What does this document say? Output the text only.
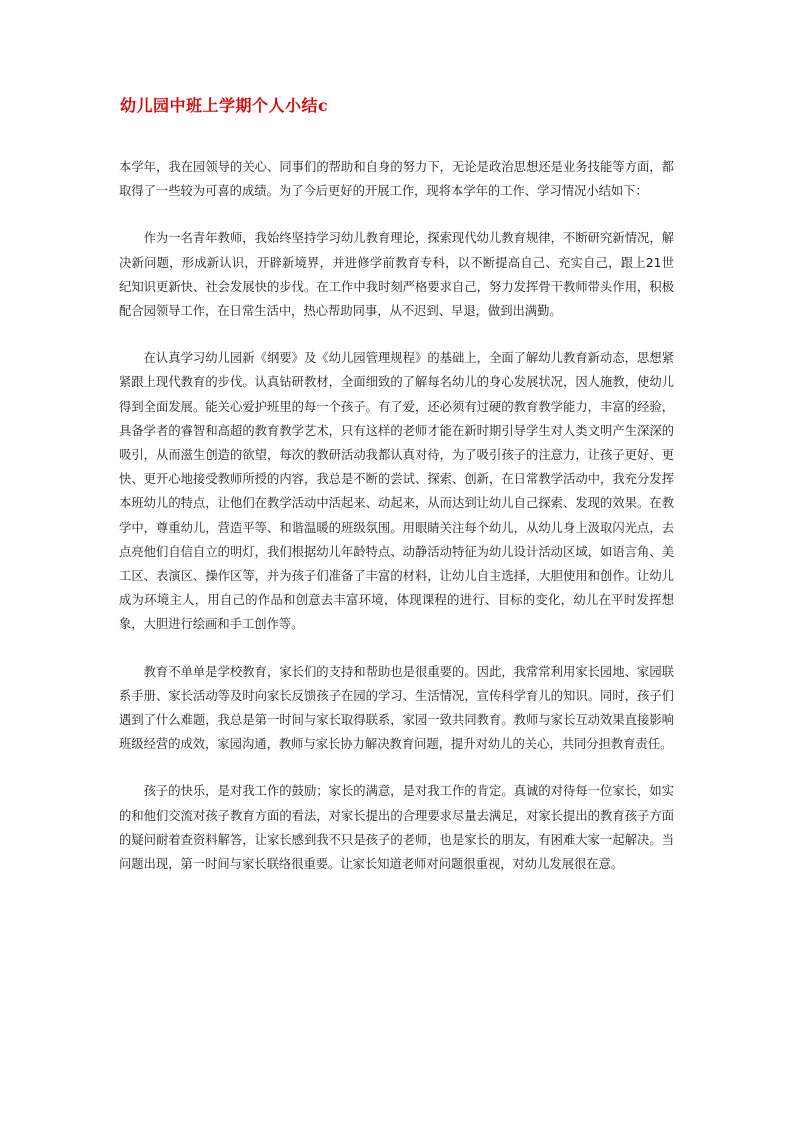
幼儿园中班上学期个人小结c

本学年，我在园领导的关心、同事们的帮助和自身的努力下，无论是政治思想还是业务技能等方面，都取得了一些较为可喜的成绩。为了今后更好的开展工作，现将本学年的工作、学习情况小结如下：

作为一名青年教师，我始终坚持学习幼儿教育理论，探索现代幼儿教育规律，不断研究新情况，解决新问题，形成新认识，开辟新境界，并进修学前教育专科，以不断提高自己、充实自己，跟上21世纪知识更新快、社会发展快的步伐。在工作中我时刻严格要求自己，努力发挥骨干教师带头作用，积极配合园领导工作，在日常生活中，热心帮助同事，从不迟到、早退，做到出满勤。

在认真学习幼儿园新《纲要》及《幼儿园管理规程》的基础上，全面了解幼儿教育新动态，思想紧紧跟上现代教育的步伐。认真钻研教材，全面细致的了解每名幼儿的身心发展状况，因人施教，使幼儿得到全面发展。能关心爱护班里的每一个孩子。有了爱，还必须有过硬的教育教学能力，丰富的经验，具备学者的睿智和高超的教育教学艺术，只有这样的老师才能在新时期引导学生对人类文明产生深深的吸引，从而滋生创造的欲望，每次的教研活动我都认真对待，为了吸引孩子的注意力，让孩子更好、更快、更开心地接受教师所授的内容，我总是不断的尝试、探索、创新，在日常教学活动中，我充分发挥本班幼儿的特点，让他们在教学活动中活起来、动起来，从而达到让幼儿自己探索、发现的效果。在教学中，尊重幼儿，营造平等、和谐温暖的班级氛围。用眼睛关注每个幼儿，从幼儿身上汲取闪光点，去点亮他们自信自立的明灯，我们根据幼儿年龄特点、动静活动特征为幼儿设计活动区域，如语言角、美工区、表演区、操作区等，并为孩子们准备了丰富的材料，让幼儿自主选择，大胆使用和创作。让幼儿成为环境主人，用自己的作品和创意去丰富环境，体现课程的进行、目标的变化，幼儿在平时发挥想象，大胆进行绘画和手工创作等。

教育不单单是学校教育，家长们的支持和帮助也是很重要的。因此，我常常利用家长园地、家园联系手册、家长活动等及时向家长反馈孩子在园的学习、生活情况，宣传科学育儿的知识。同时，孩子们遇到了什么难题，我总是第一时间与家长取得联系，家园一致共同教育。教师与家长互动效果直接影响班级经营的成效，家园沟通，教师与家长协力解决教育问题，提升对幼儿的关心，共同分担教育责任。

孩子的快乐，是对我工作的鼓励；家长的满意，是对我工作的肯定。真诚的对待每一位家长，如实的和他们交流对孩子教育方面的看法，对家长提出的合理要求尽量去满足，对家长提出的教育孩子方面的疑问耐着查资料解答，让家长感到我不只是孩子的老师，也是家长的朋友，有困难大家一起解决。当问题出现，第一时间与家长联络很重要。让家长知道老师对问题很重视，对幼儿发展很在意。
